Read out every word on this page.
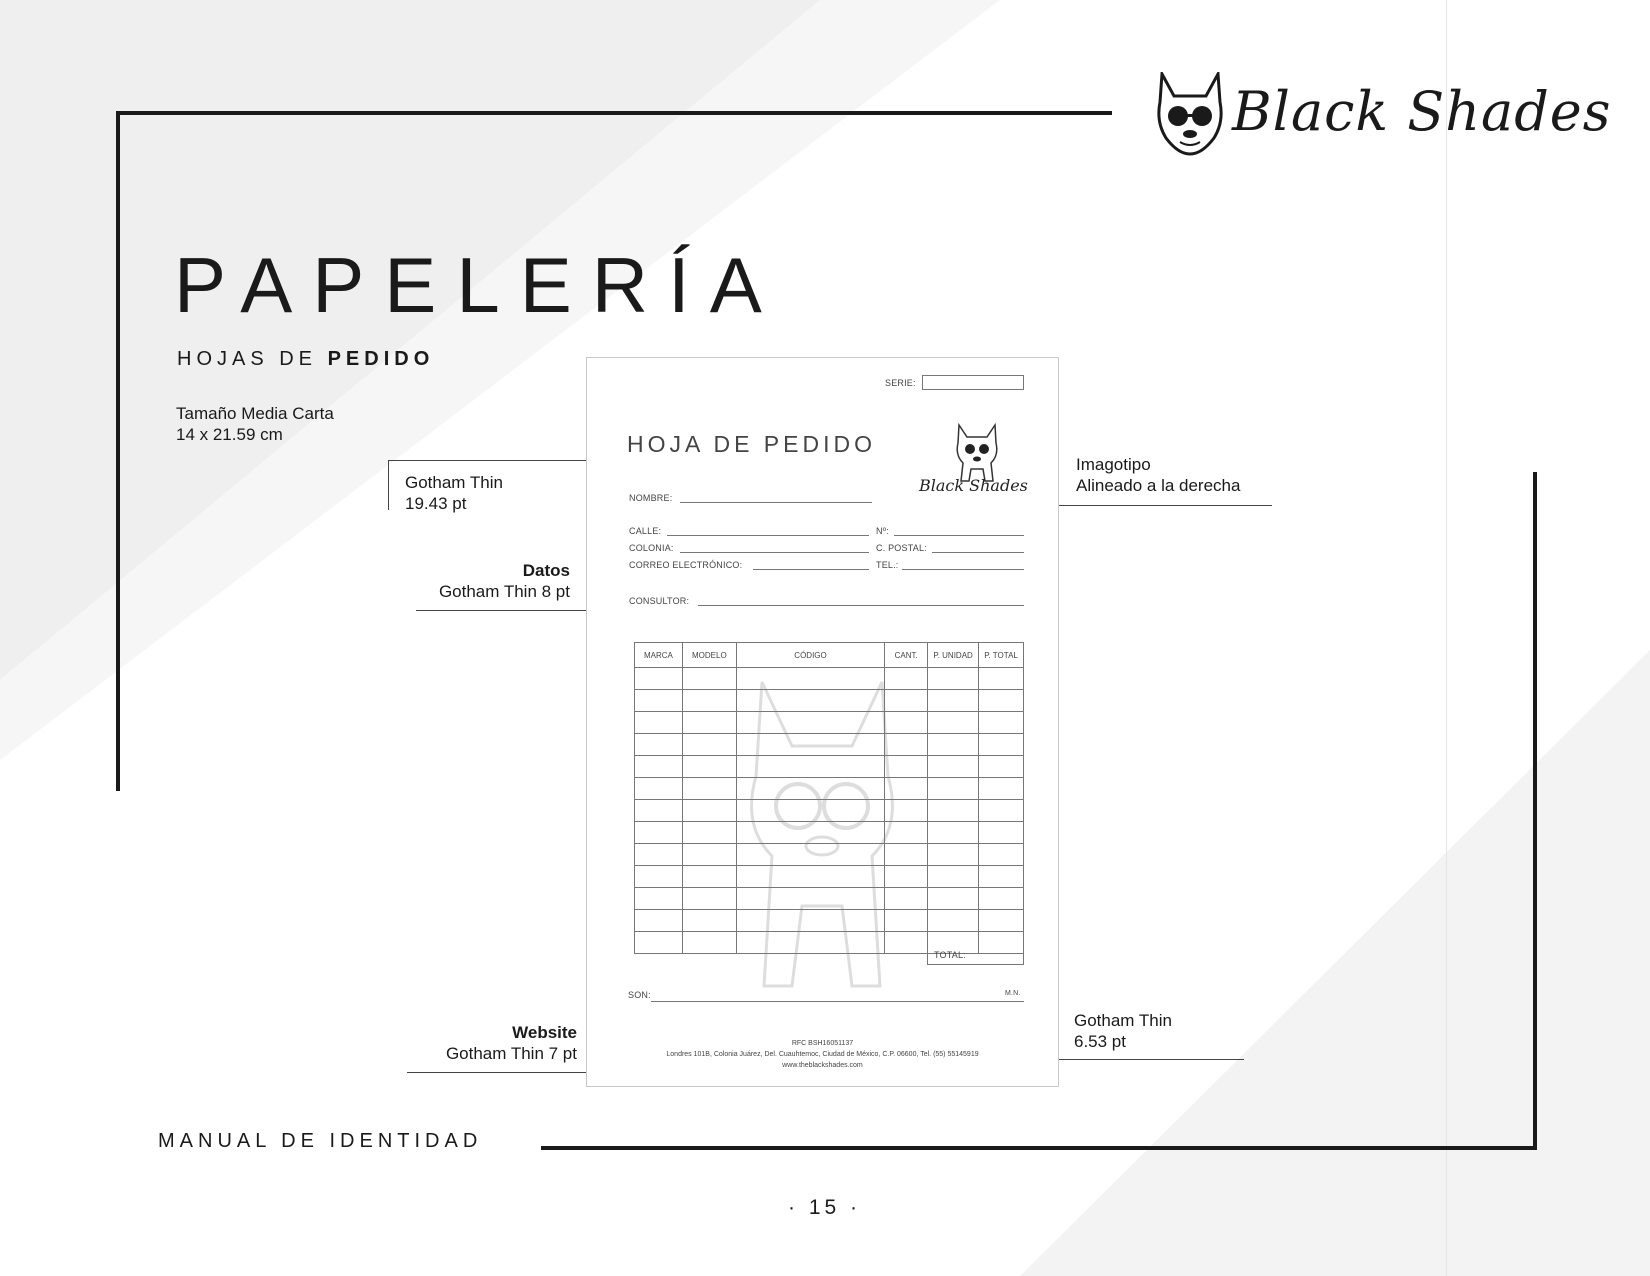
Black Shades
PAPELERÍA
HOJAS DE PEDIDO
Tamaño Media Carta
14 x 21.59 cm
Gotham Thin
19.43 pt
Datos
Gotham Thin 8 pt
Website
Gotham Thin 7 pt
Imagotipo
Alineado a la derecha
Gotham Thin
6.53 pt
SERIE:
HOJA DE PEDIDO
Black Shades
NOMBRE:
CALLE:	Nº:
COLONIA:	C. POSTAL:
CORREO ELECTRÓNICO:	TEL.:
CONSULTOR:
MARCA	MODELO	CÓDIGO	CANT.	P. UNIDAD	P. TOTAL

TOTAL:
SON:	M.N.
RFC BSH16051137
Londres 101B, Colonia Juárez, Del. Cuauhtemoc, Ciudad de México, C.P. 06600, Tel. (55) 55145919
www.theblackshades.com
MANUAL DE IDENTIDAD
· 15 ·
